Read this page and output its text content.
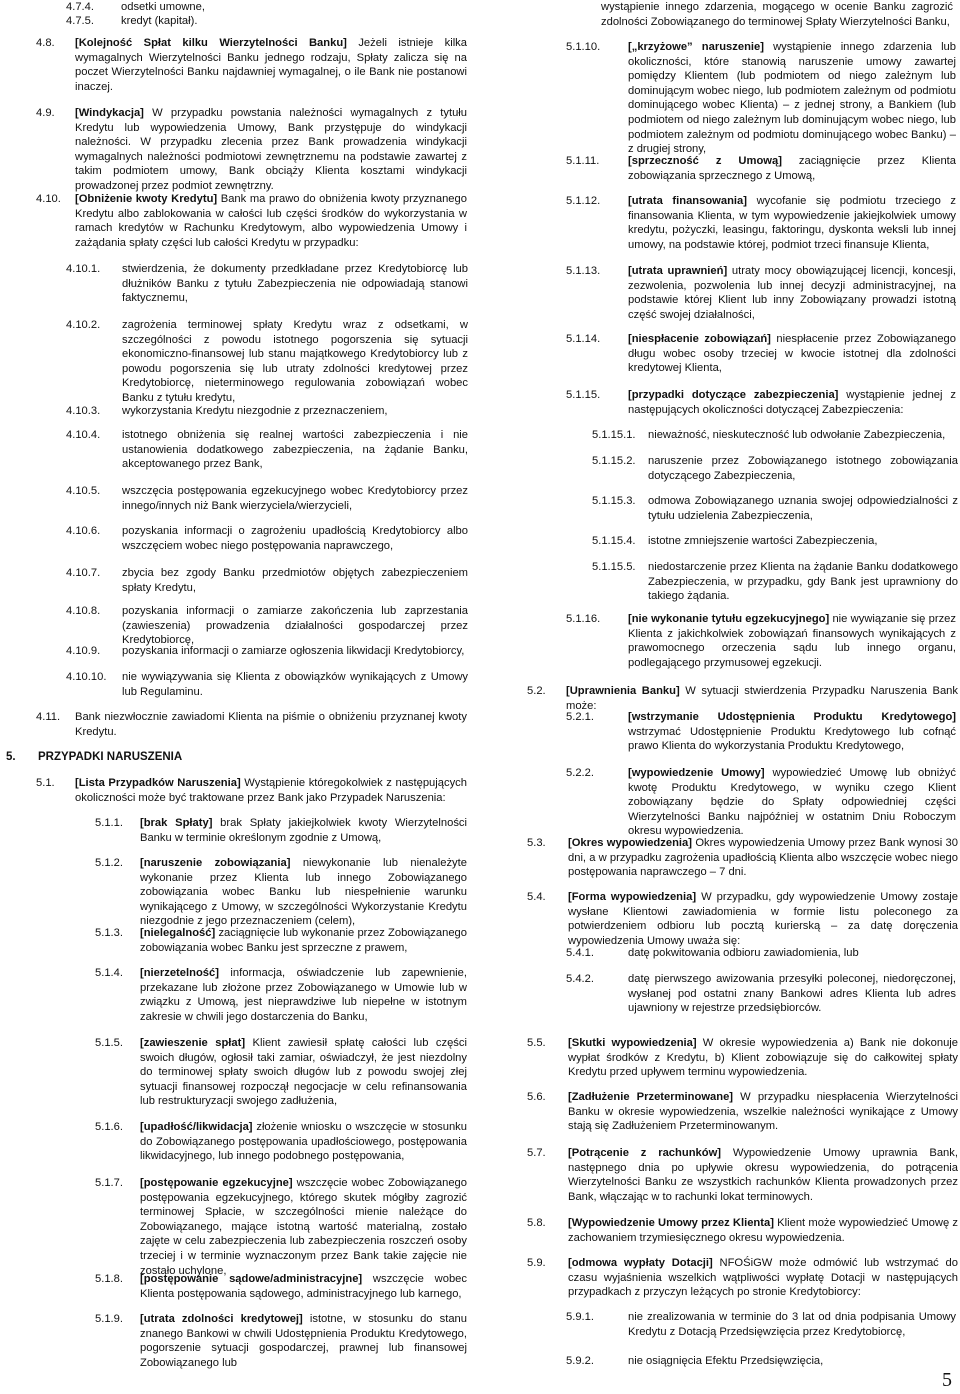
4.7.4. odsetki umowne,
4.7.5. kredyt (kapitał).
4.8. [Kolejność Spłat kilku Wierzytelności Banku] Jeżeli istnieje kilka wymagalnych Wierzytelności Banku jednego rodzaju, Spłaty zalicza się na poczet Wierzytelności Banku najdawniej wymagalnej, o ile Bank nie postanowi inaczej.
4.9. [Windykacja] W przypadku powstania należności wymagalnych z tytułu Kredytu lub wypowiedzenia Umowy, Bank przystępuje do windykacji należności. W przypadku zlecenia przez Bank prowadzenia windykacji wymagalnych należności podmiotowi zewnętrznemu na podstawie zawartej z takim podmiotem umowy, Bank obciąży Klienta kosztami windykacji prowadzonej przez podmiot zewnętrzny.
4.10. [Obniżenie kwoty Kredytu] Bank ma prawo do obniżenia kwoty przyznanego Kredytu albo zablokowania w całości lub części środków do wykorzystania w ramach kredytów w Rachunku Kredytowym, albo wypowiedzenia Umowy i zażądania spłaty części lub całości Kredytu w przypadku:
4.10.1. stwierdzenia, że dokumenty przedkładane przez Kredytobiorcę lub dłużników Banku z tytułu Zabezpieczenia nie odpowiadają stanowi faktycznemu,
4.10.2. zagrożenia terminowej spłaty Kredytu wraz z odsetkami, w szczególności z powodu istotnego pogorszenia się sytuacji ekonomiczno-finansowej lub stanu majątkowego Kredytobiorcy lub z powodu pogorszenia się lub utraty zdolności kredytowej przez Kredytobiorcę, nieterminowego regulowania zobowiązań wobec Banku z tytułu kredytu,
4.10.3. wykorzystania Kredytu niezgodnie z przeznaczeniem,
4.10.4. istotnego obniżenia się realnej wartości zabezpieczenia i nie ustanowienia dodatkowego zabezpieczenia, na żądanie Banku, akceptowanego przez Bank,
4.10.5. wszczęcia postępowania egzekucyjnego wobec Kredytobiorcy przez innego/innych niż Bank wierzyciela/wierzycieli,
4.10.6. pozyskania informacji o zagrożeniu upadłością Kredytobiorcy albo wszczęciem wobec niego postępowania naprawczego,
4.10.7. zbycia bez zgody Banku przedmiotów objętych zabezpieczeniem spłaty Kredytu,
4.10.8. pozyskania informacji o zamiarze zakończenia lub zaprzestania (zawieszenia) prowadzenia działalności gospodarczej przez Kredytobiorcę,
4.10.9. pozyskania informacji o zamiarze ogłoszenia likwidacji Kredytobiorcy,
4.10.10. nie wywiązywania się Klienta z obowiązków wynikających z Umowy lub Regulaminu.
4.11. Bank niezwłocznie zawiadomi Klienta na piśmie o obniżeniu przyznanej kwoty Kredytu.
5. PRZYPADKI NARUSZENIA
5.1. [Lista Przypadków Naruszenia] Wystąpienie któregokolwiek z następujących okoliczności może być traktowane przez Bank jako Przypadek Naruszenia:
5.1.1. [brak Spłaty] brak Spłaty jakiejkolwiek kwoty Wierzytelności Banku w terminie określonym zgodnie z Umową,
5.1.2. [naruszenie zobowiązania] niewykonanie lub nienależyte wykonanie przez Klienta lub innego Zobowiązanego zobowiązania wobec Banku lub niespełnienie warunku wynikającego z Umowy, w szczególności Wykorzystanie Kredytu niezgodnie z jego przeznaczeniem (celem),
5.1.3. [nielegalność] zaciągnięcie lub wykonanie przez Zobowiązanego zobowiązania wobec Banku jest sprzeczne z prawem,
5.1.4. [nierzetelność] informacja, oświadczenie lub zapewnienie, przekazane lub złożone przez Zobowiązanego w Umowie lub w związku z Umową, jest nieprawdziwe lub niepełne w istotnym zakresie w chwili jego dostarczenia do Banku,
5.1.5. [zawieszenie spłat] Klient zawiesił spłatę całości lub części swoich długów, ogłosił taki zamiar, oświadczył, że jest niezdolny do terminowej spłaty swoich długów lub z powodu swojej złej sytuacji finansowej rozpoczął negocjacje w celu refinansowania lub restrukturyzacji swojego zadłużenia,
5.1.6. [upadłość/likwidacja] złożenie wniosku o wszczęcie w stosunku do Zobowiązanego postępowania upadłościowego, postępowania likwidacyjnego, lub innego podobnego postępowania,
5.1.7. [postępowanie egzekucyjne] wszczęcie wobec Zobowiązanego postępowania egzekucyjnego, którego skutek mógłby zagrozić terminowej Spłacie, w szczególności mienie należące do Zobowiązanego, mające istotną wartość materialną, zostało zajęte w celu zabezpieczenia lub zabezpieczenia roszczeń osoby trzeciej i w terminie wyznaczonym przez Bank takie zajęcie nie zostało uchylone,
5.1.8. [postępowanie sądowe/administracyjne] wszczęcie wobec Klienta postępowania sądowego, administracyjnego lub karnego,
5.1.9. [utrata zdolności kredytowej] istotne, w stosunku do stanu znanego Bankowi w chwili Udostępnienia Produktu Kredytowego, pogorszenie sytuacji gospodarczej, prawnej lub finansowej Zobowiązanego lub
wystąpienie innego zdarzenia, mogącego w ocenie Banku zagrozić zdolności Zobowiązanego do terminowej Spłaty Wierzytelności Banku,
5.1.10. [„krzyżowe” naruszenie] wystąpienie innego zdarzenia lub okoliczności, które stanowią naruszenie umowy zawartej pomiędzy Klientem (lub podmiotem od niego zależnym lub dominującym wobec niego, lub podmiotem zależnym od podmiotu dominującego wobec Klienta) – z jednej strony, a Bankiem (lub podmiotem od niego zależnym lub dominującym wobec niego, lub podmiotem zależnym od podmiotu dominującego wobec Banku) – z drugiej strony,
5.1.11.	[sprzeczność z Umową] zaciągnięcie przez Klienta zobowiązania sprzecznego z Umową,
5.1.12. [utrata finansowania] wycofanie się podmiotu trzeciego z finansowania Klienta, w tym wypowiedzenie jakiejkolwiek umowy kredytu, pożyczki, leasingu, faktoringu, dyskonta weksli lub innej umowy, na podstawie której, podmiot trzeci finansuje Klienta,
5.1.13. [utrata uprawnień] utraty mocy obowiązującej licencji, koncesji, zezwolenia, pozwolenia lub innej decyzji administracyjnej, na podstawie której Klient lub inny Zobowiązany prowadzi istotną część swojej działalności,
5.1.14. [niespłacenie zobowiązań] niespłacenie przez Zobowiązanego długu wobec osoby trzeciej w kwocie istotnej dla zdolności kredytowej Klienta,
5.1.15. [przypadki dotyczące zabezpieczenia] wystąpienie jednej z następujących okoliczności dotyczącej Zabezpieczenia:
5.1.15.1. nieważność, nieskuteczność lub odwołanie Zabezpieczenia,
5.1.15.2. naruszenie przez Zobowiązanego istotnego zobowiązania dotyczącego Zabezpieczenia,
5.1.15.3. odmowa Zobowiązanego uznania swojej odpowiedzialności z tytułu udzielenia Zabezpieczenia,
5.1.15.4. istotne zmniejszenie wartości Zabezpieczenia,
5.1.15.5. niedostarczenie przez Klienta na żądanie Banku dodatkowego Zabezpieczenia, w przypadku, gdy Bank jest uprawniony do takiego żądania.
5.1.16. [nie wykonanie tytułu egzekucyjnego] nie wywiązanie się przez Klienta z jakichkolwiek zobowiązań finansowych wynikających z prawomocnego orzeczenia sądu lub innego organu, podlegającego przymusowej egzekucji.
5.2. [Uprawnienia Banku] W sytuacji stwierdzenia Przypadku Naruszenia Bank może:
5.2.1.	[wstrzymanie Udostępnienia Produktu Kredytowego] wstrzymać Udostępnienie Produktu Kredytowego lub cofnąć prawo Klienta do wykorzystania Produktu Kredytowego,
5.2.2.	[wypowiedzenie Umowy] wypowiedzieć Umowę lub obniżyć kwotę Produktu Kredytowego, w wyniku czego Klient zobowiązany będzie do Spłaty odpowiedniej części Wierzytelności Banku najpóźniej w ostatnim Dniu Roboczym okresu wypowiedzenia.
5.3. [Okres wypowiedzenia] Okres wypowiedzenia Umowy przez Bank wynosi 30 dni, a w przypadku zagrożenia upadłością Klienta albo wszczęcie wobec niego postępowania naprawczego – 7 dni.
5.4. [Forma wypowiedzenia] W przypadku, gdy wypowiedzenie Umowy zostaje wysłane Klientowi zawiadomienia w formie listu poleconego za potwierdzeniem odbioru lub pocztą kurierską – za datę doręczenia wypowiedzenia Umowy uważa się:
5.4.1.	datę pokwitowania odbioru zawiadomienia, lub
5.4.2.	datę pierwszego awizowania przesyłki poleconej, niedoręczonej, wysłanej pod ostatni znany Bankowi adres Klienta lub adres ujawniony w rejestrze przedsiębiorców.
5.5. [Skutki wypowiedzenia] W okresie wypowiedzenia a) Bank nie dokonuje wypłat środków z Kredytu, b) Klient zobowiązuje się do całkowitej spłaty Kredytu przed upływem terminu wypowiedzenia.
5.6. [Zadłużenie Przeterminowane] W przypadku niespłacenia Wierzytelności Banku w okresie wypowiedzenia, wszelkie należności wynikające z Umowy stają się Zadłużeniem Przeterminowanym.
5.7. [Potrącenie z rachunków] Wypowiedzenie Umowy uprawnia Bank, następnego dnia po upływie okresu wypowiedzenia, do potrącenia Wierzytelności Banku ze wszystkich rachunków Klienta prowadzonych przez Bank, włączając w to rachunki lokat terminowych.
5.8. [Wypowiedzenie Umowy przez Klienta] Klient może wypowiedzieć Umowę z zachowaniem trzymiesięcznego okresu wypowiedzenia.
5.9. [odmowa wypłaty Dotacji] NFOŚiGW może odmówić lub wstrzymać do czasu wyjaśnienia wszelkich wątpliwości wypłatę Dotacji w następujących przypadkach z przyczyn leżących po stronie Kredytobiorcy:
5.9.1.	nie zrealizowania w terminie do 3 lat od dnia podpisania Umowy Kredytu z Dotacją Przedsięwzięcia przez Kredytobiorcę,
5.9.2.	nie osiągnięcia Efektu Przedsięwzięcia,
5
